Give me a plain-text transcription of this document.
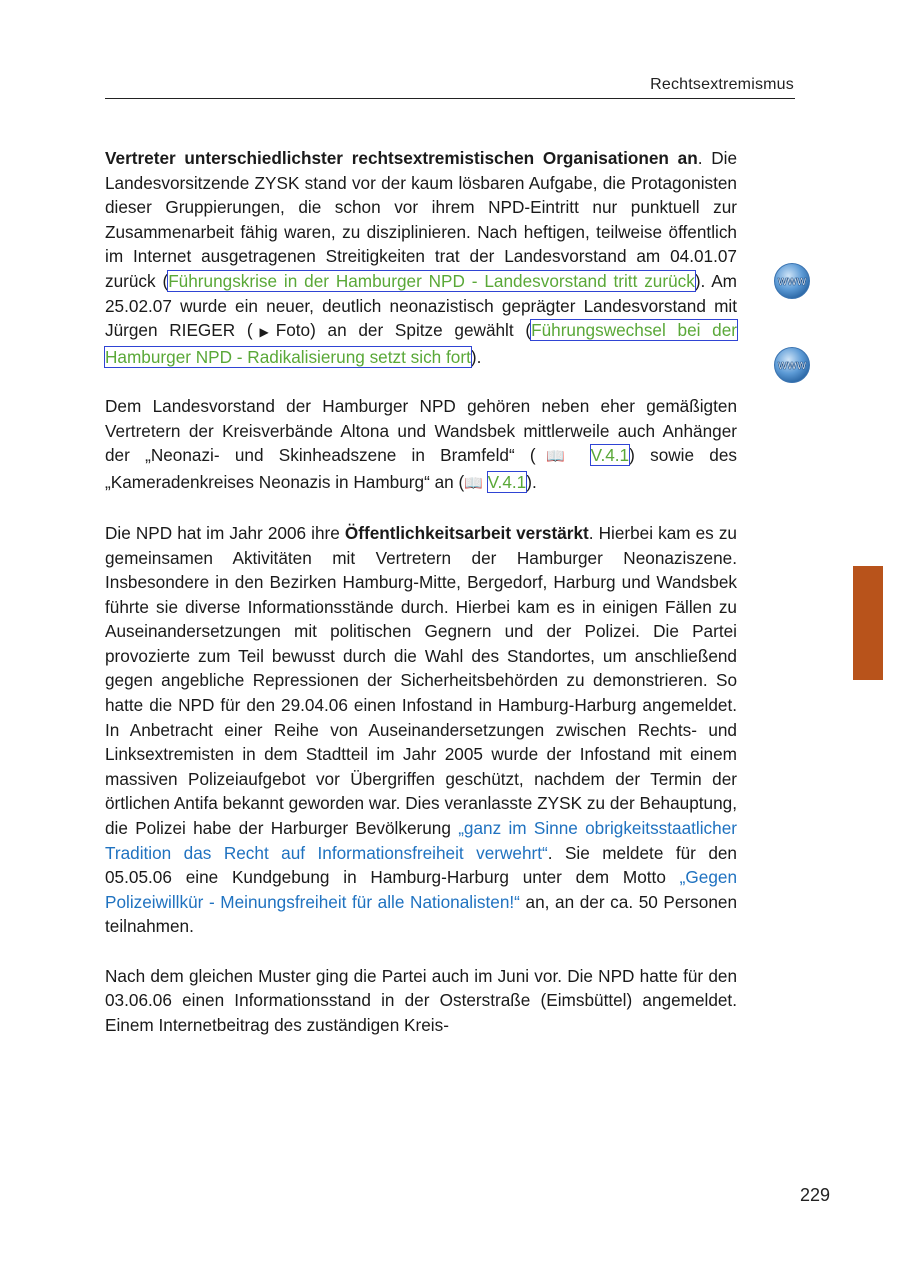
Rechtsextremismus
WWW
WWW

Vertreter unterschiedlichster rechtsextremistischen Organisationen an. Die Landesvorsitzende ZYSK stand vor der kaum lösbaren Aufgabe, die Protagonisten dieser Gruppierungen, die schon vor ihrem NPD-Eintritt nur punktuell zur Zusammenarbeit fähig waren, zu disziplinieren. Nach heftigen, teilweise öffentlich im Internet ausgetragenen Streitigkeiten trat der Landesvorstand am 04.01.07 zurück (Führungskrise in der Hamburger NPD - Landesvorstand tritt zurück). Am 25.02.07 wurde ein neuer, deutlich neonazistisch geprägter Landesvorstand mit Jürgen RIEGER (▶Foto) an der Spitze gewählt (Führungswechsel bei der Hamburger NPD - Radikalisierung setzt sich fort).

Dem Landesvorstand der Hamburger NPD gehören neben eher gemäßigten Vertretern der Kreisverbände Altona und Wandsbek mittlerweile auch Anhänger der „Neonazi- und Skinheadszene in Bramfeld“ (📖 V.4.1) sowie des „Kameradenkreises Neonazis in Hamburg“ an (📖 V.4.1).

Die NPD hat im Jahr 2006 ihre Öffentlichkeitsarbeit verstärkt. Hierbei kam es zu gemeinsamen Aktivitäten mit Vertretern der Hamburger Neonaziszene. Insbesondere in den Bezirken Hamburg-Mitte, Bergedorf, Harburg und Wandsbek führte sie diverse Informationsstände durch. Hierbei kam es in einigen Fällen zu Auseinandersetzungen mit politischen Gegnern und der Polizei. Die Partei provozierte zum Teil bewusst durch die Wahl des Standortes, um anschließend gegen angebliche Repressionen der Sicherheitsbehörden zu demonstrieren. So hatte die NPD für den 29.04.06 einen Infostand in Hamburg-Harburg angemeldet. In Anbetracht einer Reihe von Auseinandersetzungen zwischen Rechts- und Linksextremisten in dem Stadtteil im Jahr 2005 wurde der Infostand mit einem massiven Polizeiaufgebot vor Übergriffen geschützt, nachdem der Termin der örtlichen Antifa bekannt geworden war. Dies veranlasste ZYSK zu der Behauptung, die Polizei habe der Harburger Bevölkerung „ganz im Sinne obrigkeitsstaatlicher Tradition das Recht auf Informationsfreiheit verwehrt“. Sie meldete für den 05.05.06 eine Kundgebung in Hamburg-Harburg unter dem Motto „Gegen Polizeiwillkür - Meinungsfreiheit für alle Nationalisten!“ an, an der ca. 50 Personen teilnahmen.

Nach dem gleichen Muster ging die Partei auch im Juni vor. Die NPD hatte für den 03.06.06 einen Informationsstand in der Osterstraße (Eimsbüttel) angemeldet. Einem Internetbeitrag des zuständigen Kreis-

229
